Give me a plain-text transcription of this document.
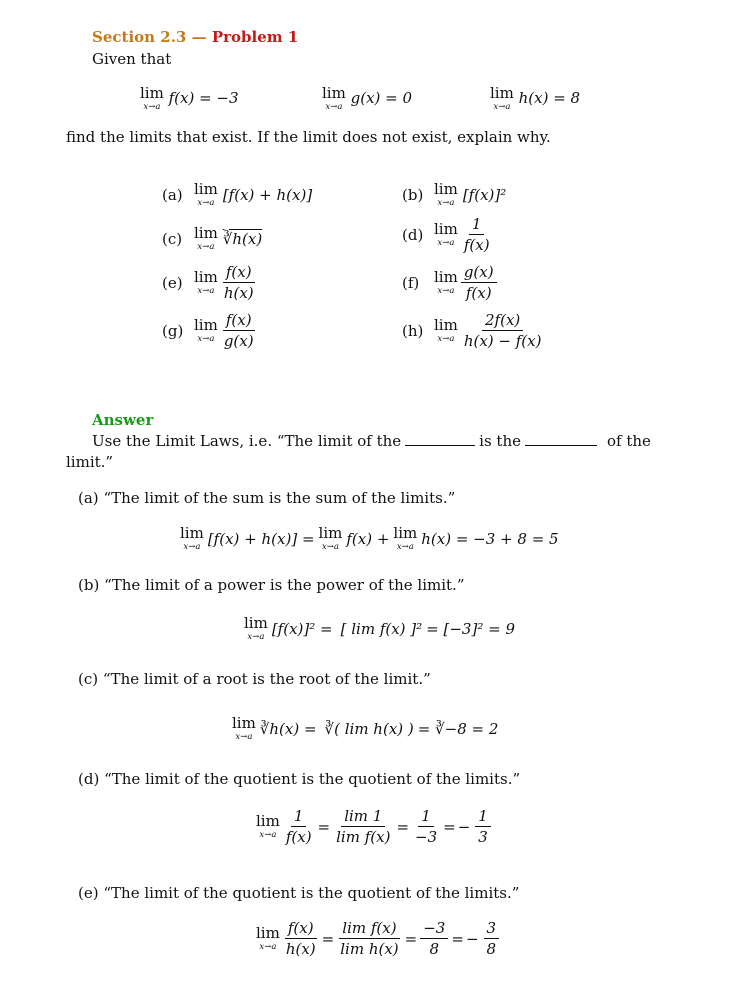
Section 2.3 — Problem 1
Given that
lim
x→a
f(x) = −3	lim
x→a
g(x) = 0	lim
x→a
h(x) = 8
find the limits that exist. If the limit does not exist, explain why.
(a) lim
x→a [f(x) + h(x)]	(b) lim
x→a [f(x)]²
(c) lim
x→a ∛h(x)	(d) lim
$x\to a \frac{1}{f(x)}$
(e) lim
$x\to a \frac{f(x)}{h(x)}$	(f) lim
$x\to a \frac{g(x)}{f(x)}$
(g) lim
$x\to a \frac{f(x)}{g(x)}$	(h) lim
$x\to a \frac{2f(x)}{h(x) - f(x)}$
Answer
Use the Limit Laws, i.e. “The limit of the	is the	of the
limit.”
(a) “The limit of the sum is the sum of the limits.”
lim
x→a [f(x) + h(x)] = lim
x→a f(x) + lim
x→a h(x) = −3 + 8 = 5
(b) “The limit of a power is the power of the limit.”
lim
x→a [f(x)]² = [ lim f(x) ]² = [−3]² = 9
(c) “The limit of a root is the root of the limit.”
lim
x→a ∛h(x) = ∛( lim h(x) ) = ∛−8 = 2
(d) “The limit of the quotient is the quotient of the limits.”
lim
$x\to a \frac{1}{f(x)} = \frac{\lim 1}{\text{lim f(x)}} = \frac{1}{-3}$ = − $\frac{1}{3}$
(e) “The limit of the quotient is the quotient of the limits.”
lim
$x\to a \frac{f(x)}{h(x)} = \frac{\text{lim f(x)}}{\text{lim h(x)}} = \frac{-3}{8}$ = − $\frac{3}{8}$
